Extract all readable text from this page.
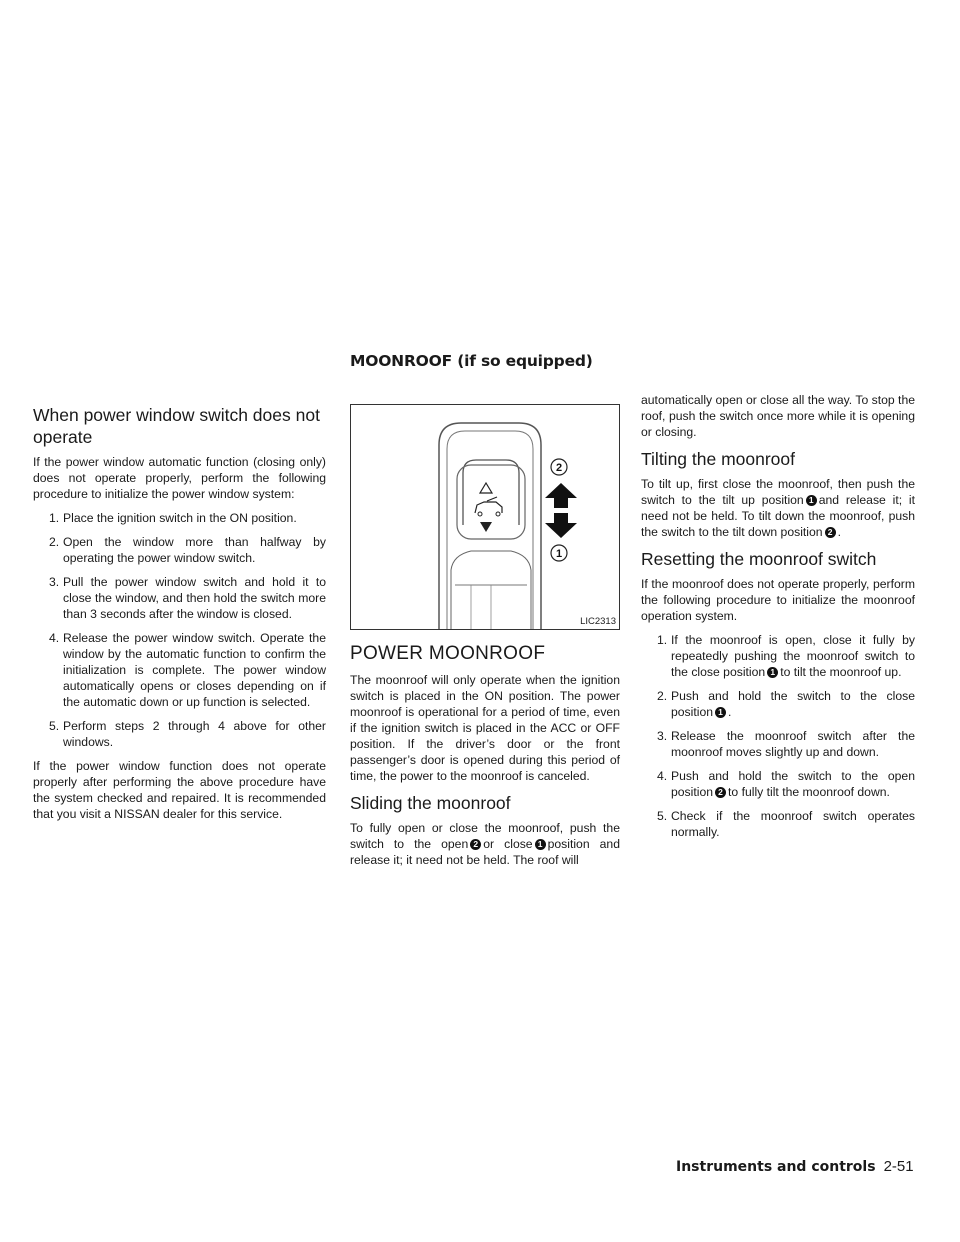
MOONROOF (if so equipped)
When power window switch does not operate

If the power window automatic function (closing only) does not operate properly, perform the following procedure to initialize the power window system:

1. Place the ignition switch in the ON position.
2. Open the window more than halfway by operating the power window switch.
3. Pull the power window switch and hold it to close the window, and then hold the switch more than 3 seconds after the window is closed.
4. Release the power window switch. Operate the window by the automatic function to confirm the initialization is complete. The power window automatically opens or closes depending on if the automatic down or up function is selected.
5. Perform steps 2 through 4 above for other windows.

If the power window function does not operate properly after performing the above procedure have the system checked and repaired. It is recommended that you visit a NISSAN dealer for this service.

2
1
LIC2313
POWER MOONROOF

The moonroof will only operate when the ignition switch is placed in the ON position. The power moonroof is operational for a period of time, even if the ignition switch is placed in the ACC or OFF position. If the driver’s door or the front passenger’s door is opened during this period of time, the power to the moonroof is canceled.

Sliding the moonroof

To fully open or close the moonroof, push the switch to the open 2 or close 1 position and release it; it need not be held. The roof will

automatically open or close all the way. To stop the roof, push the switch once more while it is opening or closing.

Tilting the moonroof

To tilt up, first close the moonroof, then push the switch to the tilt up position 1 and release it; it need not be held. To tilt down the moonroof, push the switch to the tilt down position 2 .

Resetting the moonroof switch

If the moonroof does not operate properly, perform the following procedure to initialize the moonroof operation system.

1. If the moonroof is open, close it fully by repeatedly pushing the moonroof switch to the close position 1 to tilt the moonroof up.
2. Push and hold the switch to the close position 1 .
3. Release the moonroof switch after the moonroof moves slightly up and down.
4. Push and hold the switch to the open position 2 to fully tilt the moonroof down.
5. Check if the moonroof switch operates normally.
Instruments and controls 2-51
